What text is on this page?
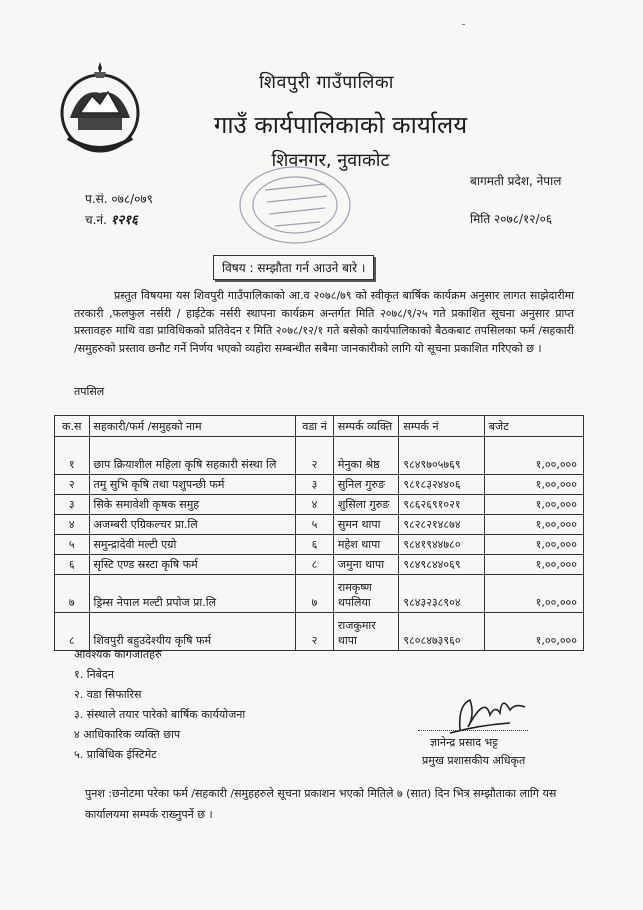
ـ
शिवपुरी गाउँपालिका
गाउँ कार्यपालिकाको कार्यालय
शिवनगर, नुवाकोट
बागमती प्रदेश, नेपाल
प.सं. ०७८/०७९
च.नं. १२१६	मिति २०७८/१२/०६
विषय : सम्झौता गर्न आउने बारे ।
प्रस्तुत विषयमा यस शिवपुरी गाउँपालिकाको आ.व २०७८/७९ को स्वीकृत बार्षिक कार्यक्रम अनुसार लागत साझेदारीमा तरकारी ,फलफुल नर्सरी / हाईटेक नर्सरी स्थापना कार्यक्रम अन्तर्गत मिति २०७८/९/२५ गते प्रकाशित सूचना अनुसार प्राप्त प्रस्तावहरु माथि वडा प्राविधिकको प्रतिवेदन र मिति २०७८/१२/१ गते बसेको कार्यपालिकाको बैठकबाट तपसिलका फर्म /सहकारी /समुहरुको प्रस्ताव छनौट गर्ने निर्णय भएको व्यहोरा सम्बन्धीत सबैमा जानकारीको लागि यो सूचना प्रकाशित गरिएको छ ।
तपसिल
क.स	सहकारी/फर्म /समुहको नाम	वडा नं	सम्पर्क व्यक्ति	सम्पर्क नं	बजेट
१	छाप क्रियाशील महिला कृषि सहकारी संस्था लि	२	मेनुका श्रेष्ठ	९८४९७०५७६९	१,००,०००
२	तमु सुभि कृषि तथा पशुपन्छी फर्म	३	सुनिल गुरुङ	९८१८३२४४०६	१,००,०००
३	सिके समावेशी कृषक समुह	४	शुसिला गुरुङ	९८६२६९१०२१	१,००,०००
४	अजम्बरी एग्रिकल्चर प्रा.लि	५	सुमन थापा	९८२८२१४८७४	१,००,०००
५	समुन्द्रादेवी मल्टी एग्रो	६	महेश थापा	९८४१९४४७८०	१,००,०००
६	सृस्टि एण्ड स्रस्टा कृषि फर्म	८	जमुना थापा	९८४९८४४०६९	१,००,०००
७	ड्रिम्स नेपाल मल्टी प्रपोज प्रा.लि	७	रामकृष्ण थपलिया	९८४३२३८९०४	१,००,०००
८	शिवपुरी बहुउदेश्यीय कृषि फर्म	२	राजकुमार थापा	९८०८४७३९६०	१,००,०००
आवश्यक कागजातहरु
१. निबेदन
२. वडा सिफारिस
३. संस्थाले तयार पारेको बार्षिक कार्ययोजना
४ आधिकारिक व्यक्ति छाप
५. प्राबिधिक ईस्टिमेट
ज्ञानेन्द्र प्रसाद भट्ट
प्रमुख प्रशासकीय अधिकृत
पुनश :छनोटमा परेका फर्म /सहकारी /समुहहरुले सूचना प्रकाशन भएको मितिले ७ (सात) दिन भित्र सम्झौताका लागि यस कार्यालयमा सम्पर्क राख्नुपर्ने छ ।
